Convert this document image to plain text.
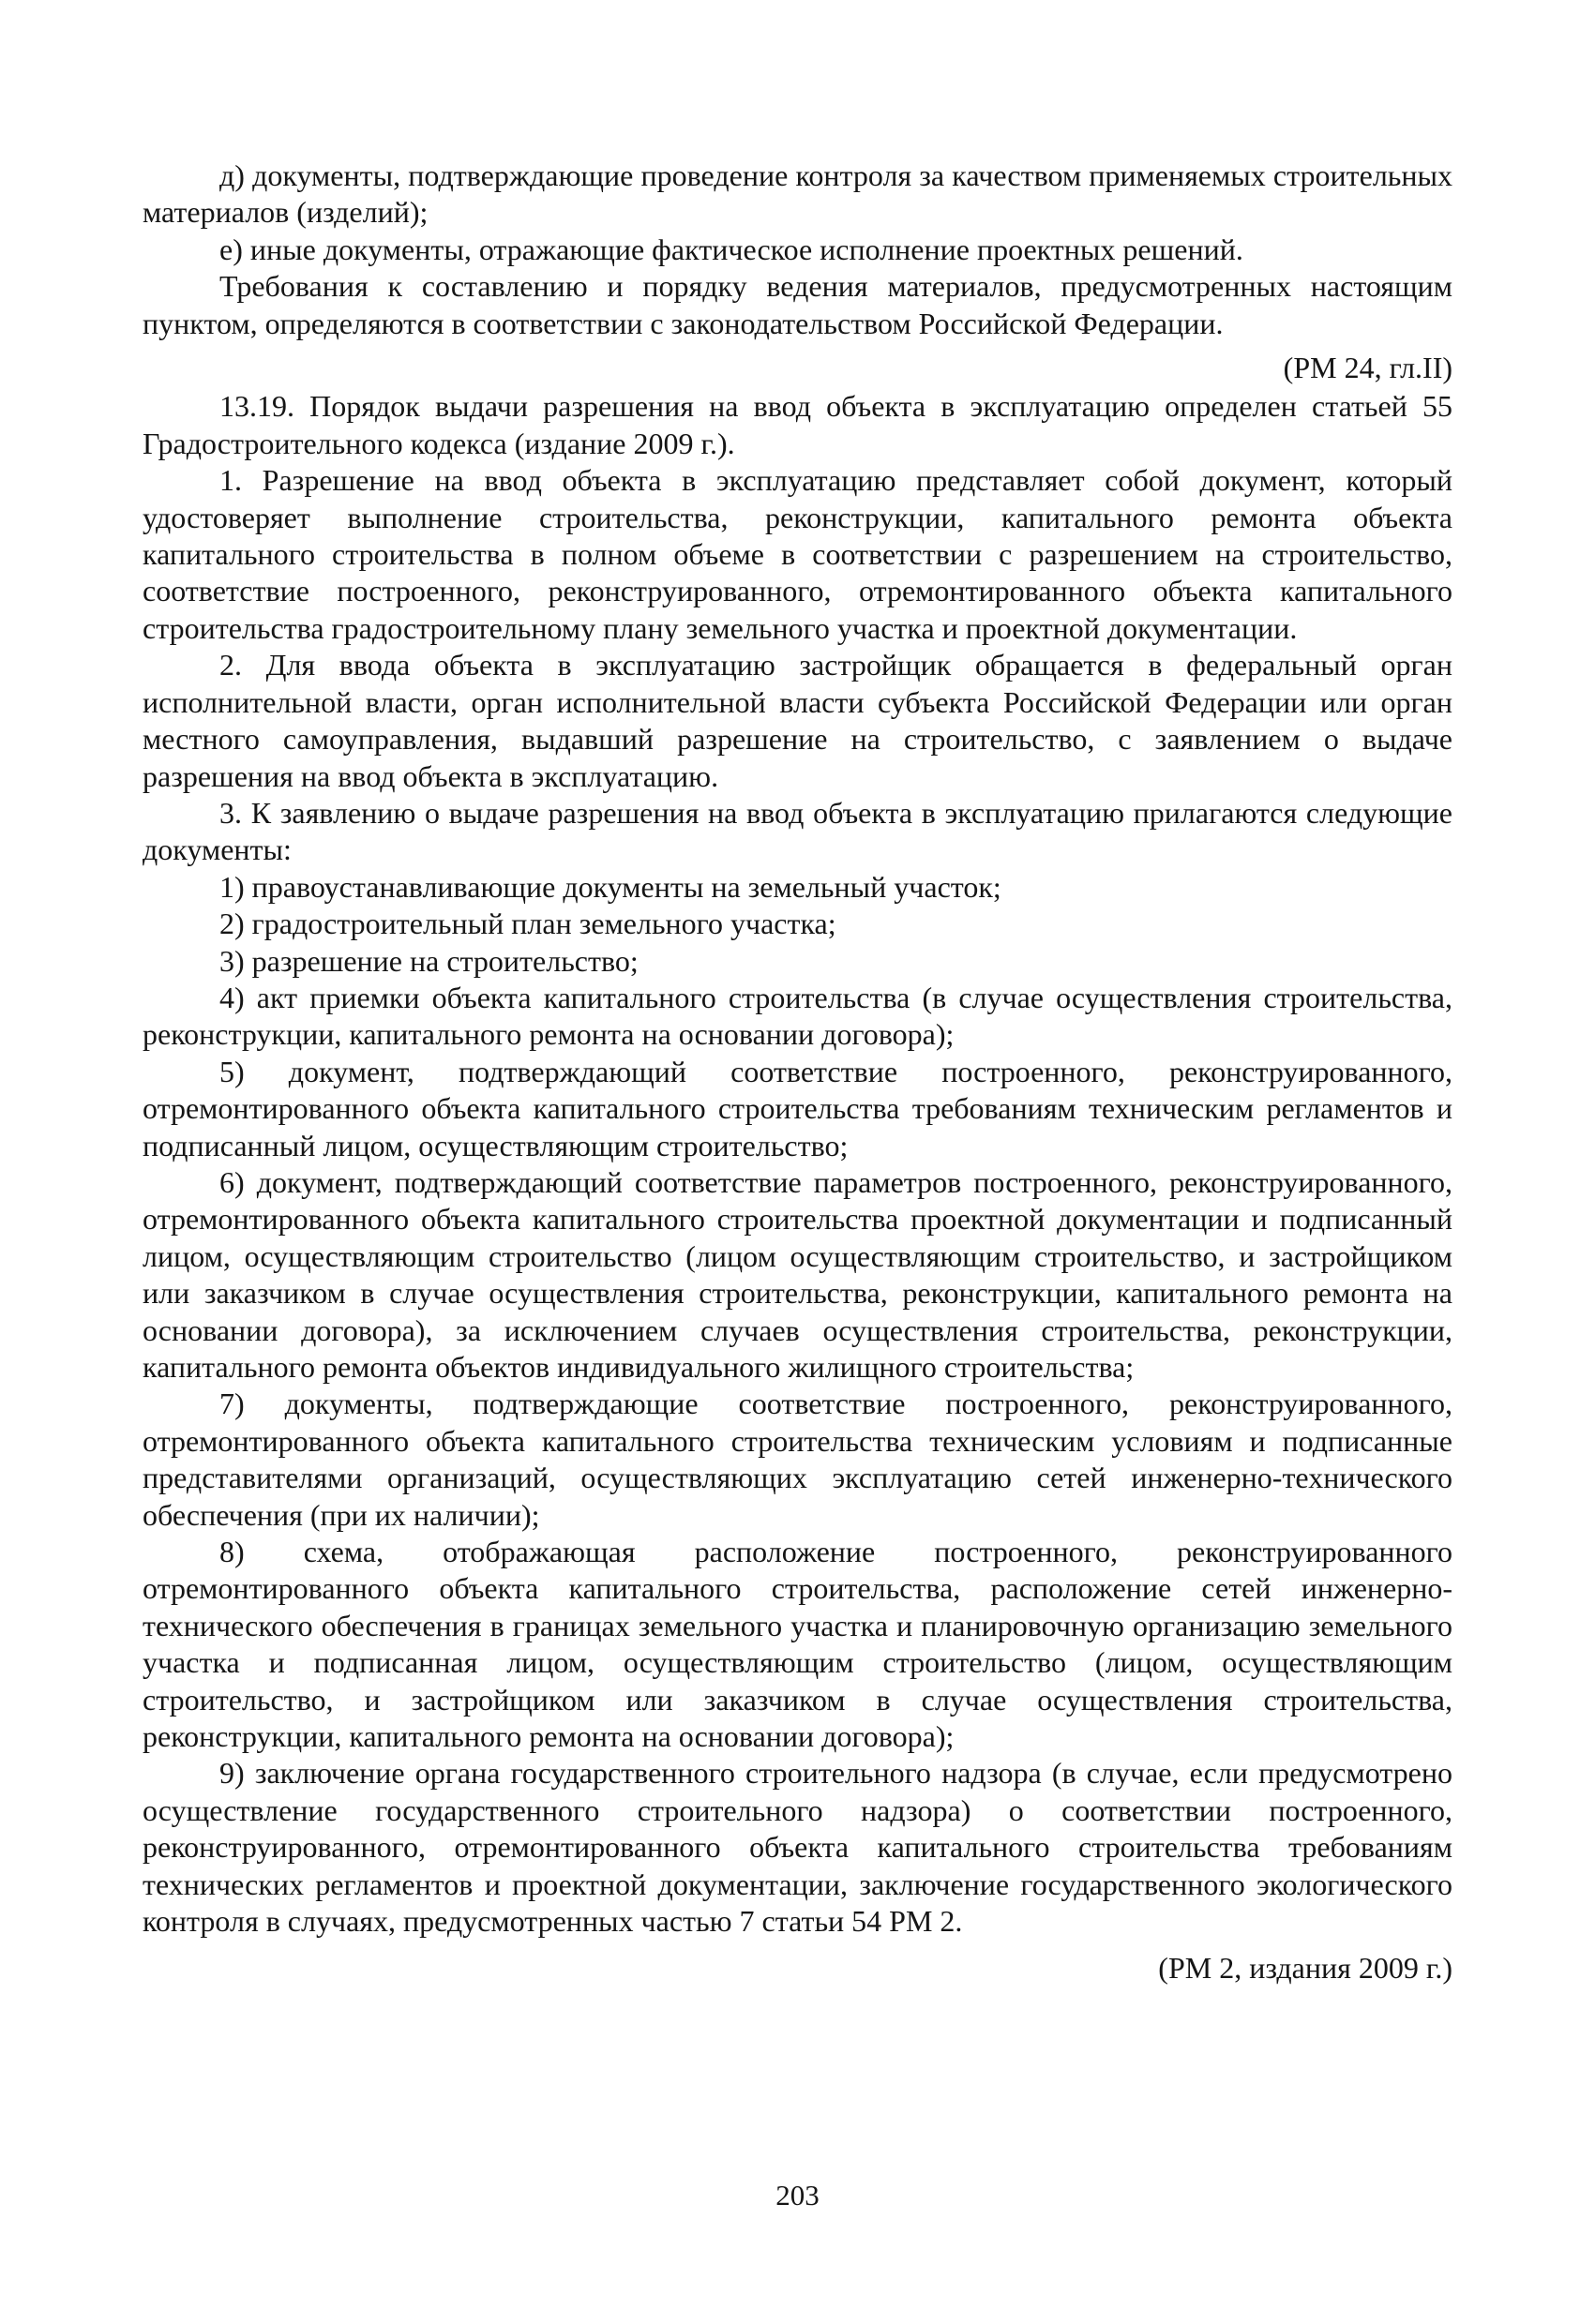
д) документы, подтверждающие проведение контроля за качеством применяемых строительных материалов (изделий);

е) иные документы, отражающие фактическое исполнение проектных решений.

Требования к составлению и порядку ведения материалов, предусмотренных настоящим пунктом, определяются в соответствии с законодательством Российской Федерации.

(РМ 24, гл.II)

13.19. Порядок выдачи разрешения на ввод объекта в эксплуатацию определен статьей 55 Градостроительного кодекса (издание 2009 г.).

1. Разрешение на ввод объекта в эксплуатацию представляет собой документ, который удостоверяет выполнение строительства, реконструкции, капитального ремонта объекта капитального строительства в полном объеме в соответствии с разрешением на строительство, соответствие построенного, реконструированного, отремонтированного объекта капитального строительства градостроительному плану земельного участка и проектной документации.

2. Для ввода объекта в эксплуатацию застройщик обращается в федеральный орган исполнительной власти, орган исполнительной власти субъекта Российской Федерации или орган местного самоуправления, выдавший разрешение на строительство, с заявлением о выдаче разрешения на ввод объекта в эксплуатацию.

3. К заявлению о выдаче разрешения на ввод объекта в эксплуатацию прилагаются следующие документы:

1) правоустанавливающие документы на земельный участок;

2) градостроительный план земельного участка;

3) разрешение на строительство;

4) акт приемки объекта капитального строительства (в случае осуществления строительства, реконструкции, капитального ремонта на основании договора);

5) документ, подтверждающий соответствие построенного, реконструированного, отремонтированного объекта капитального строительства требованиям техническим регламентов и подписанный лицом, осуществляющим строительство;

6) документ, подтверждающий соответствие параметров построенного, реконструированного, отремонтированного объекта капитального строительства проектной документации и подписанный лицом, осуществляющим строительство (лицом осуществляющим строительство, и застройщиком или заказчиком в случае осуществления строительства, реконструкции, капитального ремонта на основании договора), за исключением случаев осуществления строительства, реконструкции, капитального ремонта объектов индивидуального жилищного строительства;

7) документы, подтверждающие соответствие построенного, реконструированного, отремонтированного объекта капитального строительства техническим условиям и подписанные представителями организаций, осуществляющих эксплуатацию сетей инженерно-технического обеспечения (при их наличии);

8) схема, отображающая расположение построенного, реконструированного отремонтированного объекта капитального строительства, расположение сетей инженерно-технического обеспечения в границах земельного участка и планировочную организацию земельного участка и подписанная лицом, осуществляющим строительство (лицом, осуществляющим строительство, и застройщиком или заказчиком в случае осуществления строительства, реконструкции, капитального ремонта на основании договора);

9) заключение органа государственного строительного надзора (в случае, если предусмотрено осуществление государственного строительного надзора) о соответствии построенного, реконструированного, отремонтированного объекта капитального строительства требованиям технических регламентов и проектной документации, заключение государственного экологического контроля в случаях, предусмотренных частью 7 статьи 54 РМ 2.

(РМ 2, издания 2009 г.)

203
